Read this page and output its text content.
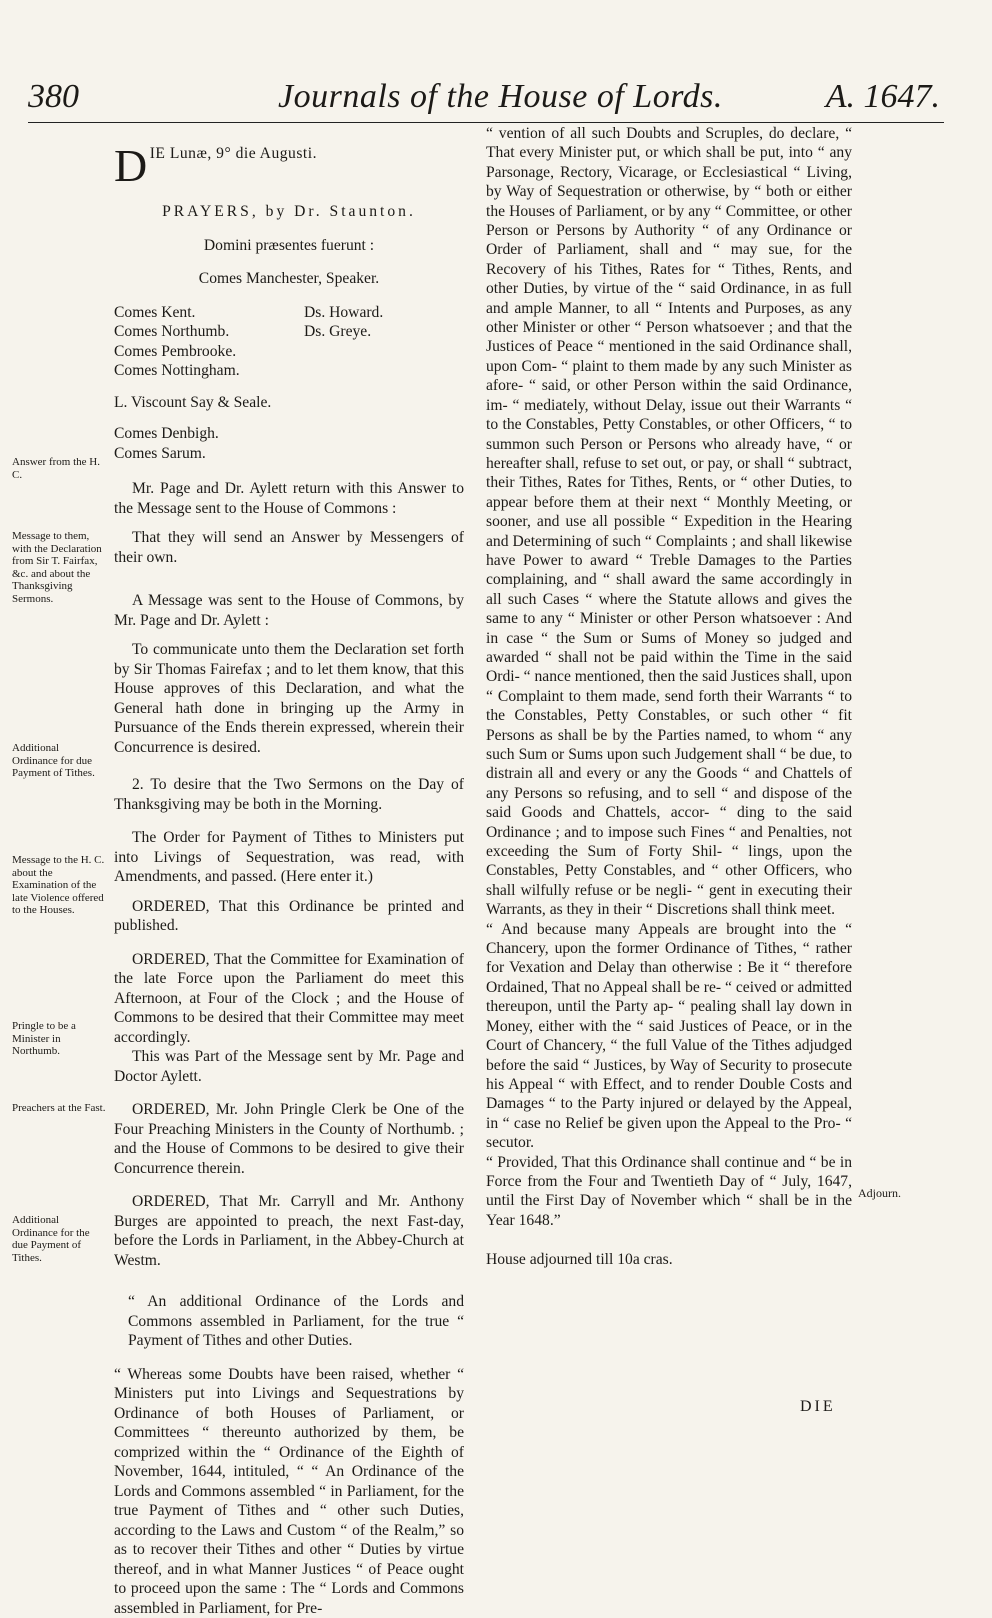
380	Journals of the House of Lords.	A. 1647.
Answer from the H. C.
Message to them, with the Declaration from Sir T. Fairfax, &c. and about the Thanksgiving Sermons.
Additional Ordinance for due Payment of Tithes.
Message to the H. C. about the Examination of the late Violence offered to the Houses.
Pringle to be a Minister in Northumb.
Preachers at the Fast.
Additional Ordinance for the due Payment of Tithes.
D IE Lunæ, 9° die Augusti.

PRAYERS, by Dr. Staunton.

Domini præsentes fuerunt :

Comes Manchester, Speaker.

Comes Kent.
Comes Northumb.
Comes Pembrooke.
Comes Nottingham.
Ds. Howard.
Ds. Greye.
L. Viscount Say & Seale.
Comes Denbigh.
Comes Sarum.

Mr. Page and Dr. Aylett return with this Answer to the Message sent to the House of Commons :

That they will send an Answer by Messengers of their own.

A Message was sent to the House of Commons, by Mr. Page and Dr. Aylett :

To communicate unto them the Declaration set forth by Sir Thomas Fairefax ; and to let them know, that this House approves of this Declaration, and what the General hath done in bringing up the Army in Pursuance of the Ends therein expressed, wherein their Concurrence is desired.

2. To desire that the Two Sermons on the Day of Thanksgiving may be both in the Morning.

The Order for Payment of Tithes to Ministers put into Livings of Sequestration, was read, with Amendments, and passed. (Here enter it.)

ORDERED, That this Ordinance be printed and published.

ORDERED, That the Committee for Examination of the late Force upon the Parliament do meet this Afternoon, at Four of the Clock ; and the House of Commons to be desired that their Committee may meet accordingly.

This was Part of the Message sent by Mr. Page and Doctor Aylett.

ORDERED, Mr. John Pringle Clerk be One of the Four Preaching Ministers in the County of Northumb. ; and the House of Commons to be desired to give their Concurrence therein.

ORDERED, That Mr. Carryll and Mr. Anthony Burges are appointed to preach, the next Fast-day, before the Lords in Parliament, in the Abbey-Church at Westm.

“ An additional Ordinance of the Lords and Commons assembled in Parliament, for the true “ Payment of Tithes and other Duties.

“ Whereas some Doubts have been raised, whether “ Ministers put into Livings and Sequestrations by Ordinance of both Houses of Parliament, or Committees “ thereunto authorized by them, be comprized within the “ Ordinance of the Eighth of November, 1644, intituled, “ “ An Ordinance of the Lords and Commons assembled “ in Parliament, for the true Payment of Tithes and “ other such Duties, according to the Laws and Custom “ of the Realm,” so as to recover their Tithes and other “ Duties by virtue thereof, and in what Manner Justices “ of Peace ought to proceed upon the same : The “ Lords and Commons assembled in Parliament, for Pre-

“ vention of all such Doubts and Scruples, do declare, “ That every Minister put, or which shall be put, into “ any Parsonage, Rectory, Vicarage, or Ecclesiastical “ Living, by Way of Sequestration or otherwise, by “ both or either the Houses of Parliament, or by any “ Committee, or other Person or Persons by Authority “ of any Ordinance or Order of Parliament, shall and “ may sue, for the Recovery of his Tithes, Rates for “ Tithes, Rents, and other Duties, by virtue of the “ said Ordinance, in as full and ample Manner, to all “ Intents and Purposes, as any other Minister or other “ Person whatsoever ; and that the Justices of Peace “ mentioned in the said Ordinance shall, upon Com- “ plaint to them made by any such Minister as afore- “ said, or other Person within the said Ordinance, im- “ mediately, without Delay, issue out their Warrants “ to the Constables, Petty Constables, or other Officers, “ to summon such Person or Persons who already have, “ or hereafter shall, refuse to set out, or pay, or shall “ subtract, their Tithes, Rates for Tithes, Rents, or “ other Duties, to appear before them at their next “ Monthly Meeting, or sooner, and use all possible “ Expedition in the Hearing and Determining of such “ Complaints ; and shall likewise have Power to award “ Treble Damages to the Parties complaining, and “ shall award the same accordingly in all such Cases “ where the Statute allows and gives the same to any “ Minister or other Person whatsoever : And in case “ the Sum or Sums of Money so judged and awarded “ shall not be paid within the Time in the said Ordi- “ nance mentioned, then the said Justices shall, upon “ Complaint to them made, send forth their Warrants “ to the Constables, Petty Constables, or such other “ fit Persons as shall be by the Parties named, to whom “ any such Sum or Sums upon such Judgement shall “ be due, to distrain all and every or any the Goods “ and Chattels of any Persons so refusing, and to sell “ and dispose of the said Goods and Chattels, accor- “ ding to the said Ordinance ; and to impose such Fines “ and Penalties, not exceeding the Sum of Forty Shil- “ lings, upon the Constables, Petty Constables, and “ other Officers, who shall wilfully refuse or be negli- “ gent in executing their Warrants, as they in their “ Discretions shall think meet.

“ And because many Appeals are brought into the “ Chancery, upon the former Ordinance of Tithes, “ rather for Vexation and Delay than otherwise : Be it “ therefore Ordained, That no Appeal shall be re- “ ceived or admitted thereupon, until the Party ap- “ pealing shall lay down in Money, either with the “ said Justices of Peace, or in the Court of Chancery, “ the full Value of the Tithes adjudged before the said “ Justices, by Way of Security to prosecute his Appeal “ with Effect, and to render Double Costs and Damages “ to the Party injured or delayed by the Appeal, in “ case no Relief be given upon the Appeal to the Pro- “ secutor.

“ Provided, That this Ordinance shall continue and “ be in Force from the Four and Twentieth Day of “ July, 1647, until the First Day of November which “ shall be in the Year 1648.”

House adjourned till 10a cras.

Adjourn.
DIE
